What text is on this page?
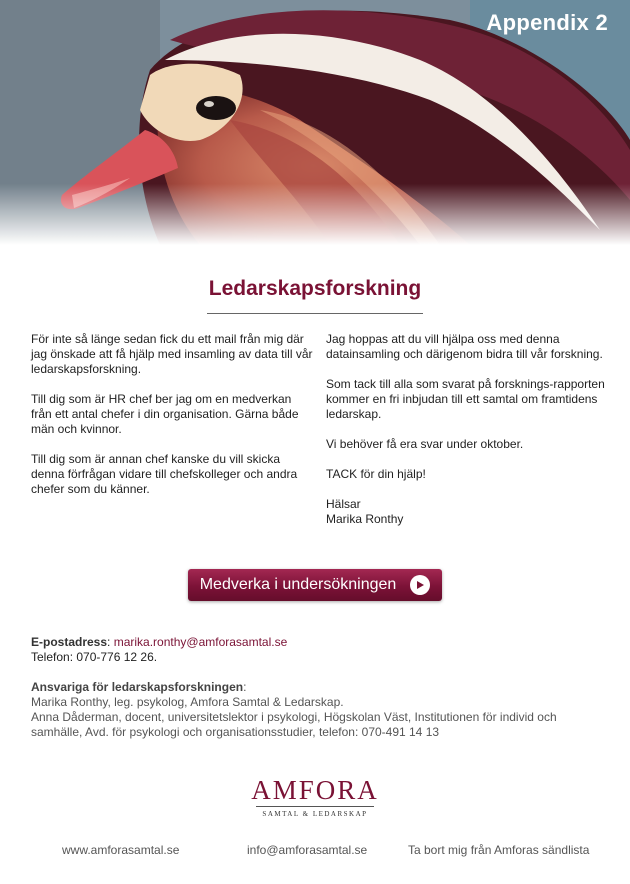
Appendix 2
Ledarskapsforskning

För inte så länge sedan fick du ett mail från mig där jag önskade att få hjälp med insamling av data till vår ledarskapsforskning.

Till dig som är HR chef ber jag om en medverkan från ett antal chefer i din organisation. Gärna både män och kvinnor.

Till dig som är annan chef kanske du vill skicka denna förfrågan vidare till chefskolleger och andra chefer som du känner.

Jag hoppas att du vill hjälpa oss med denna datainsamling och därigenom bidra till vår forskning.

Som tack till alla som svarat på forsknings-rapporten kommer en fri inbjudan till ett samtal om framtidens ledarskap.

Vi behöver få era svar under oktober.

TACK för din hjälp!

Hälsar
Marika Ronthy

Medverka i undersökningen
E-postadress: marika.ronthy@amforasamtal.se
Telefon: 070-776 12 26.
Ansvariga för ledarskapsforskningen:
Marika Ronthy, leg. psykolog, Amfora Samtal & Ledarskap.
Anna Dåderman, docent, universitetslektor i psykologi, Högskolan Väst, Institutionen för individ och samhälle, Avd. för psykologi och organisationsstudier, telefon: 070-491 14 13
AMFORA
SAMTAL & LEDARSKAP
www.amforasamtal.se	info@amforasamtal.se	Ta bort mig från Amforas sändlista
